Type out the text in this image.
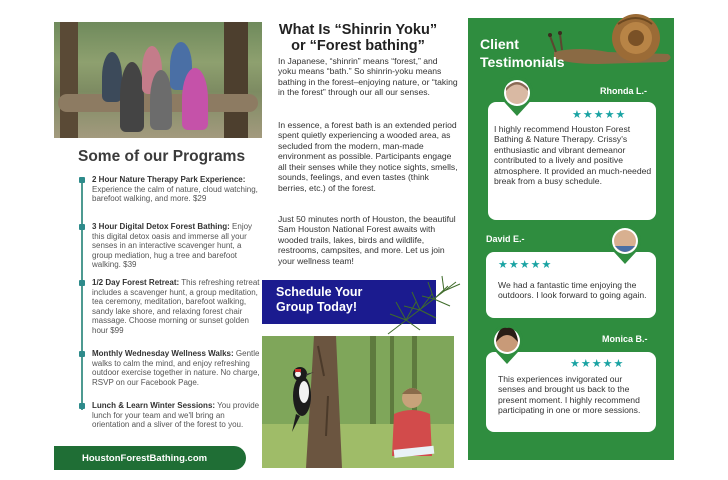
Some of our Programs
2 Hour Nature Therapy Park Experience: Experience the calm of nature, cloud watching, barefoot walking, and more. $29
3 Hour Digital Detox Forest Bathing: Enjoy this digital detox oasis and immerse all your senses in an interactive scavenger hunt, a group mediation, hug a tree and barefoot walking. $39
1/2 Day Forest Retreat: This refreshing retreat includes a scavenger hunt, a group meditation, tea ceremony, meditation, barefoot walking, sandy lake shore, and relaxing forest chair massage. Choose morning or sunset golden hour $99
Monthly Wednesday Wellness Walks: Gentle walks to calm the mind, and enjoy refreshing outdoor exercise together in nature. No charge, RSVP on our Facebook Page.
Lunch & Learn Winter Sessions: You provide lunch for your team and we'll bring an orientation and a sliver of the forest to you.
HoustonForestBathing.com
What Is “Shinrin Yoku”
or “Forest bathing”
In Japanese, “shinrin” means “forest,” and yoku means “bath.” So shinrin-yoku means bathing in the forest–enjoying nature, or “taking in the forest” through our all our senses.
In essence, a forest bath is an extended period spent quietly experiencing a wooded area, as secluded from the modern, man-made environment as possible. Participants engage all their senses while they notice sights, smells, sounds, feelings, and even tastes (think berries, etc.) of the forest.
Just 50 minutes north of Houston, the beautiful Sam Houston National Forest awaits with wooded trails, lakes, birds and wildlife, restrooms, campsites, and more. Let us join your wellness team!
Schedule Your
Group Today!
Client
Testimonials
Rhonda L.-
★★★★★
I highly recommend Houston Forest Bathing & Nature Therapy. Crissy's enthusiastic and vibrant demeanor contributed to a lively and positive atmosphere. It provided an much-needed break from a busy schedule.
David E.-
★★★★★
We had a fantastic time enjoying the outdoors. I look forward to going again.
Monica B.-
★★★★★
This experiences invigorated our senses and brought us back to the present moment. I highly recommend participating in one or more sessions.
